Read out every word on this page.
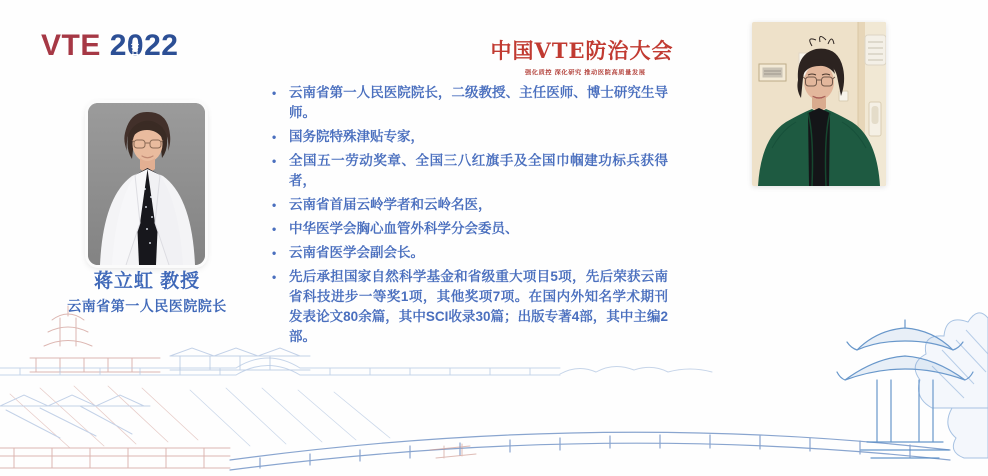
VTE 20
22	中国VTE防治大会
强化质控 深化研究 推动医院高质量发展
蒋立虹 教授
云南省第一人民医院院长
• 云南省第一人民医院院长，二级教授、主任医师、博士研究生导师。
• 国务院特殊津贴专家，
• 全国五一劳动奖章、全国三八红旗手及全国巾帼建功标兵获得者，
• 云南省首届云岭学者和云岭名医，
• 中华医学会胸心血管外科学分会委员、
• 云南省医学会副会长。
• 先后承担国家自然科学基金和省级重大项目5项，先后荣获云南省科技进步一等奖1项，其他奖项7项。在国内外知名学术期刊发表论文80余篇，其中SCI收录30篇；出版专著4部，其中主编2部。
